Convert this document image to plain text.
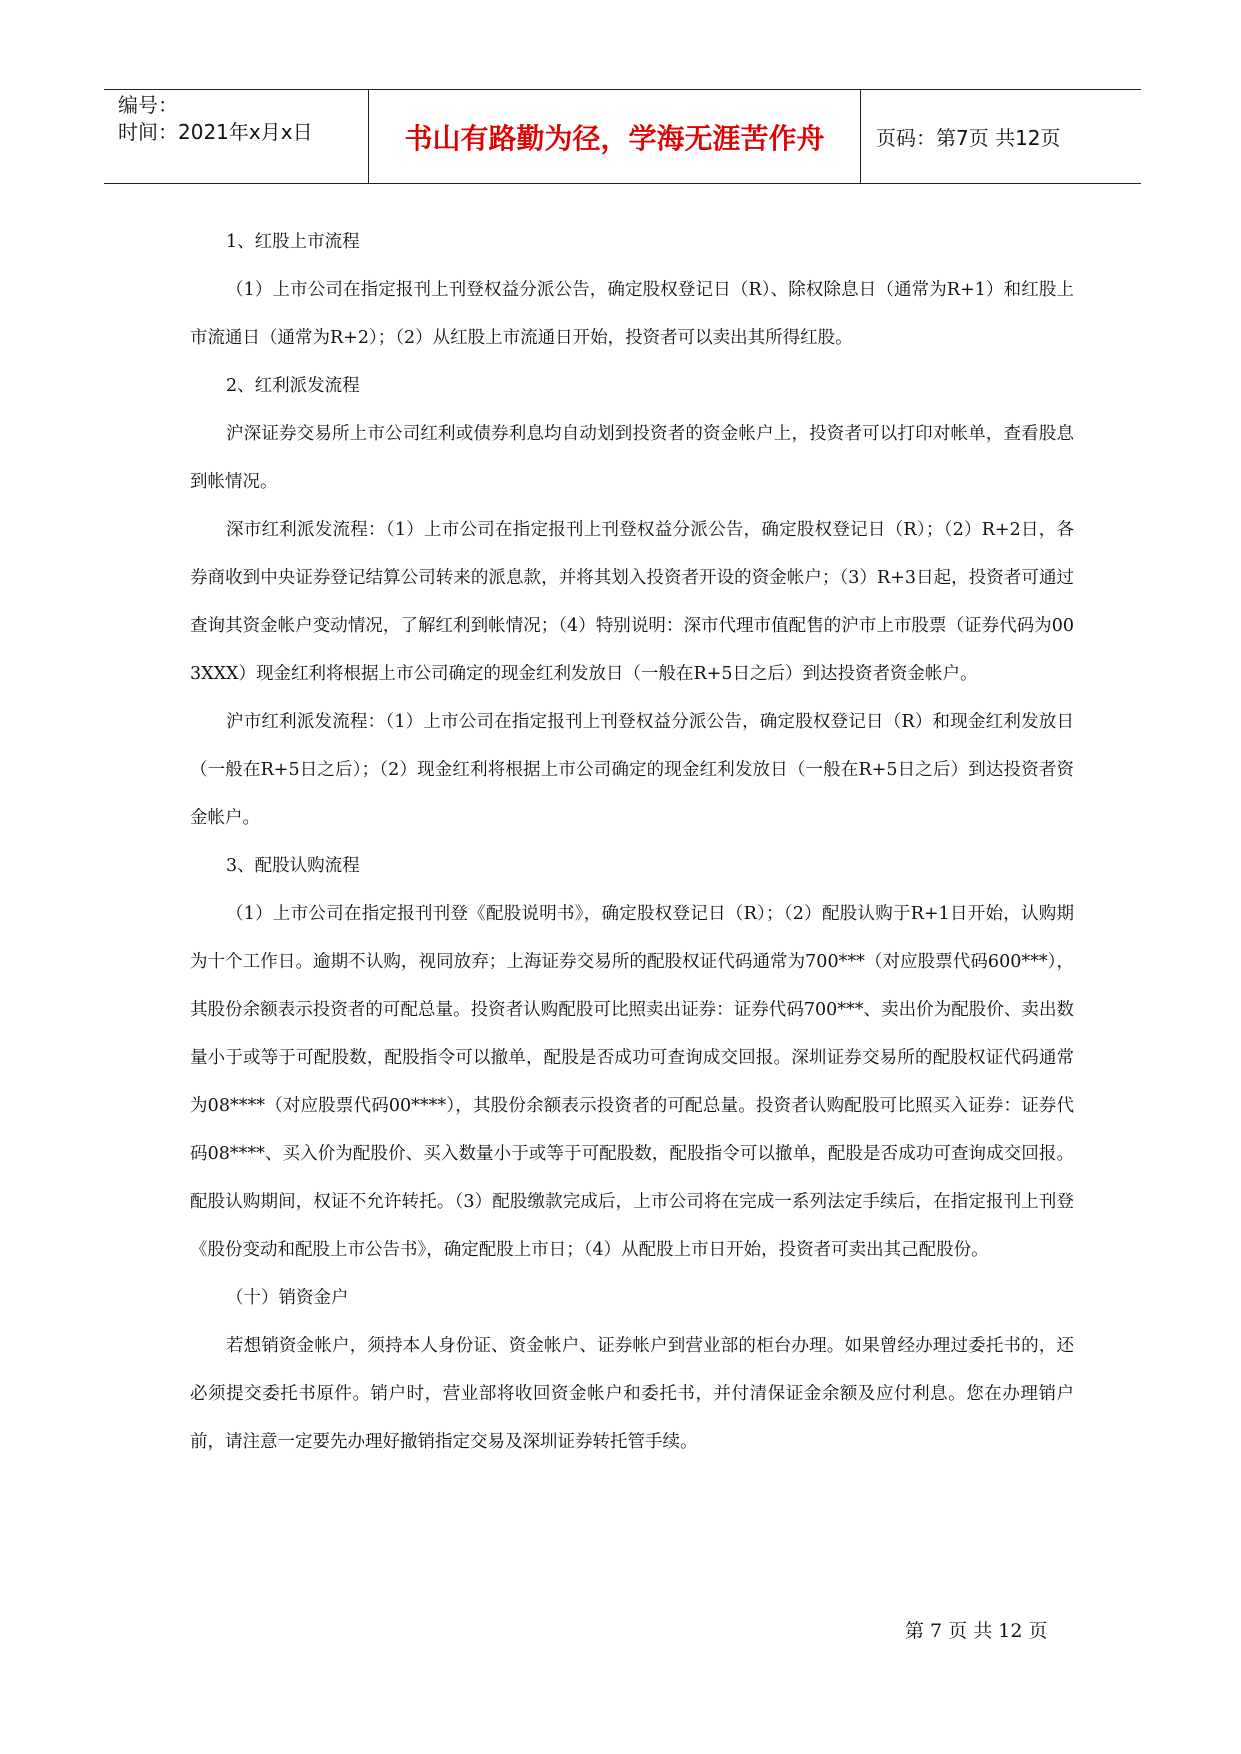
编号：
时间：2021年x月x日	书山有路勤为径，学海无涯苦作舟	页码：第7页 共12页

1、红股上市流程

（1）上市公司在指定报刊上刊登权益分派公告，确定股权登记日（R）、除权除息日（通常为R+1）和红股上市流通日（通常为R+2）；（2）从红股上市流通日开始，投资者可以卖出其所得红股。

2、红利派发流程

沪深证券交易所上市公司红利或债券利息均自动划到投资者的资金帐户上，投资者可以打印对帐单，查看股息到帐情况。

深市红利派发流程：（1）上市公司在指定报刊上刊登权益分派公告，确定股权登记日（R）；（2）R+2日，各券商收到中央证券登记结算公司转来的派息款，并将其划入投资者开设的资金帐户；（3）R+3日起，投资者可通过查询其资金帐户变动情况，了解红利到帐情况；（4）特别说明：深市代理市值配售的沪市上市股票（证券代码为003XXX）现金红利将根据上市公司确定的现金红利发放日（一般在R+5日之后）到达投资者资金帐户。

沪市红利派发流程：（1）上市公司在指定报刊上刊登权益分派公告，确定股权登记日（R）和现金红利发放日（一般在R+5日之后）；（2）现金红利将根据上市公司确定的现金红利发放日（一般在R+5日之后）到达投资者资金帐户。

3、配股认购流程

（1）上市公司在指定报刊刊登《配股说明书》，确定股权登记日（R）；（2）配股认购于R+1日开始，认购期为十个工作日。逾期不认购，视同放弃；上海证券交易所的配股权证代码通常为700***（对应股票代码600***），其股份余额表示投资者的可配总量。投资者认购配股可比照卖出证券：证券代码700***、卖出价为配股价、卖出数量小于或等于可配股数，配股指令可以撤单，配股是否成功可查询成交回报。深圳证券交易所的配股权证代码通常为08****（对应股票代码00****），其股份余额表示投资者的可配总量。投资者认购配股可比照买入证券：证券代码08****、买入价为配股价、买入数量小于或等于可配股数，配股指令可以撤单，配股是否成功可查询成交回报。配股认购期间，权证不允许转托。（3）配股缴款完成后，上市公司将在完成一系列法定手续后，在指定报刊上刊登《股份变动和配股上市公告书》，确定配股上市日；（4）从配股上市日开始，投资者可卖出其己配股份。

（十）销资金户

若想销资金帐户，须持本人身份证、资金帐户、证券帐户到营业部的柜台办理。如果曾经办理过委托书的，还必须提交委托书原件。销户时，营业部将收回资金帐户和委托书，并付清保证金余额及应付利息。您在办理销户前，请注意一定要先办理好撤销指定交易及深圳证券转托管手续。

第 7 页 共 12 页
